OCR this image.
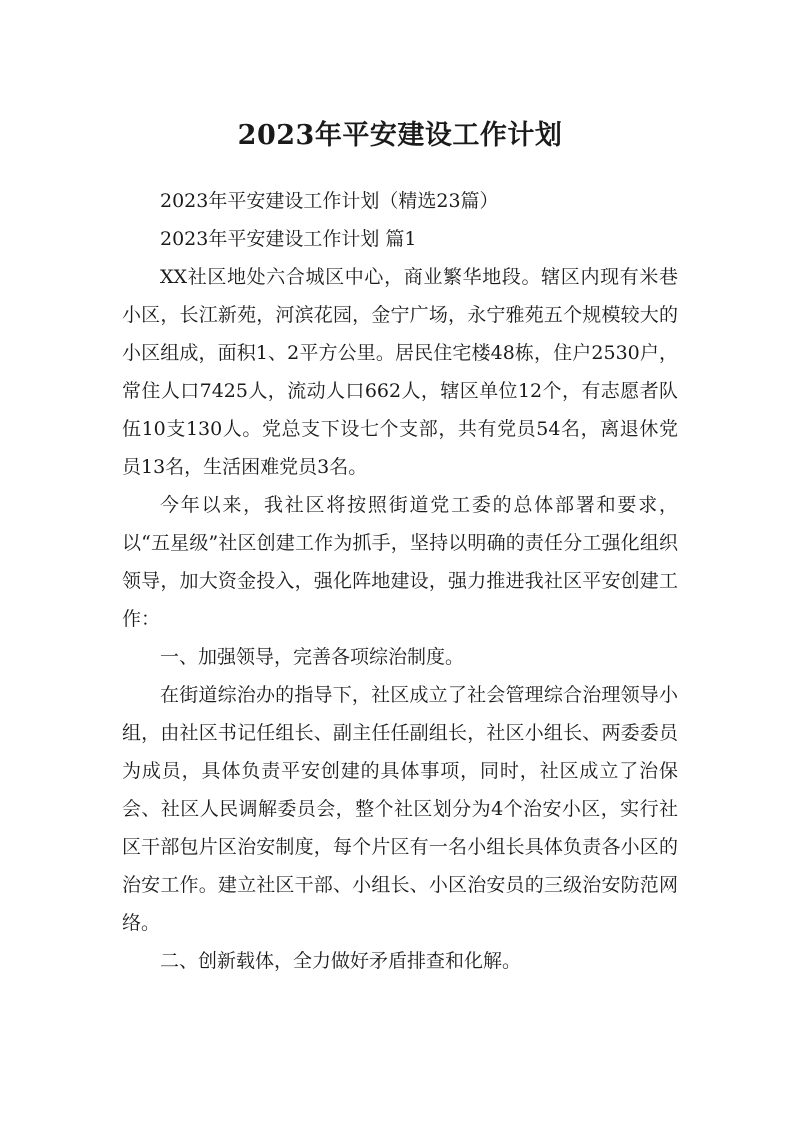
2023年平安建设工作计划

2023年平安建设工作计划（精选23篇）

2023年平安建设工作计划 篇1

XX社区地处六合城区中心，商业繁华地段。辖区内现有米巷小区，长江新苑，河滨花园，金宁广场，永宁雅苑五个规模较大的小区组成，面积1、2平方公里。居民住宅楼48栋，住户2530户，常住人口7425人，流动人口662人，辖区单位12个，有志愿者队伍10支130人。党总支下设七个支部，共有党员54名，离退休党员13名，生活困难党员3名。

今年以来，我社区将按照街道党工委的总体部署和要求，以“五星级”社区创建工作为抓手，坚持以明确的责任分工强化组织领导，加大资金投入，强化阵地建设，强力推进我社区平安创建工作：

一、加强领导，完善各项综治制度。

在街道综治办的指导下，社区成立了社会管理综合治理领导小组，由社区书记任组长、副主任任副组长，社区小组长、两委委员为成员，具体负责平安创建的具体事项，同时，社区成立了治保会、社区人民调解委员会，整个社区划分为4个治安小区，实行社区干部包片区治安制度，每个片区有一名小组长具体负责各小区的治安工作。建立社区干部、小组长、小区治安员的三级治安防范网络。

二、创新载体，全力做好矛盾排查和化解。
